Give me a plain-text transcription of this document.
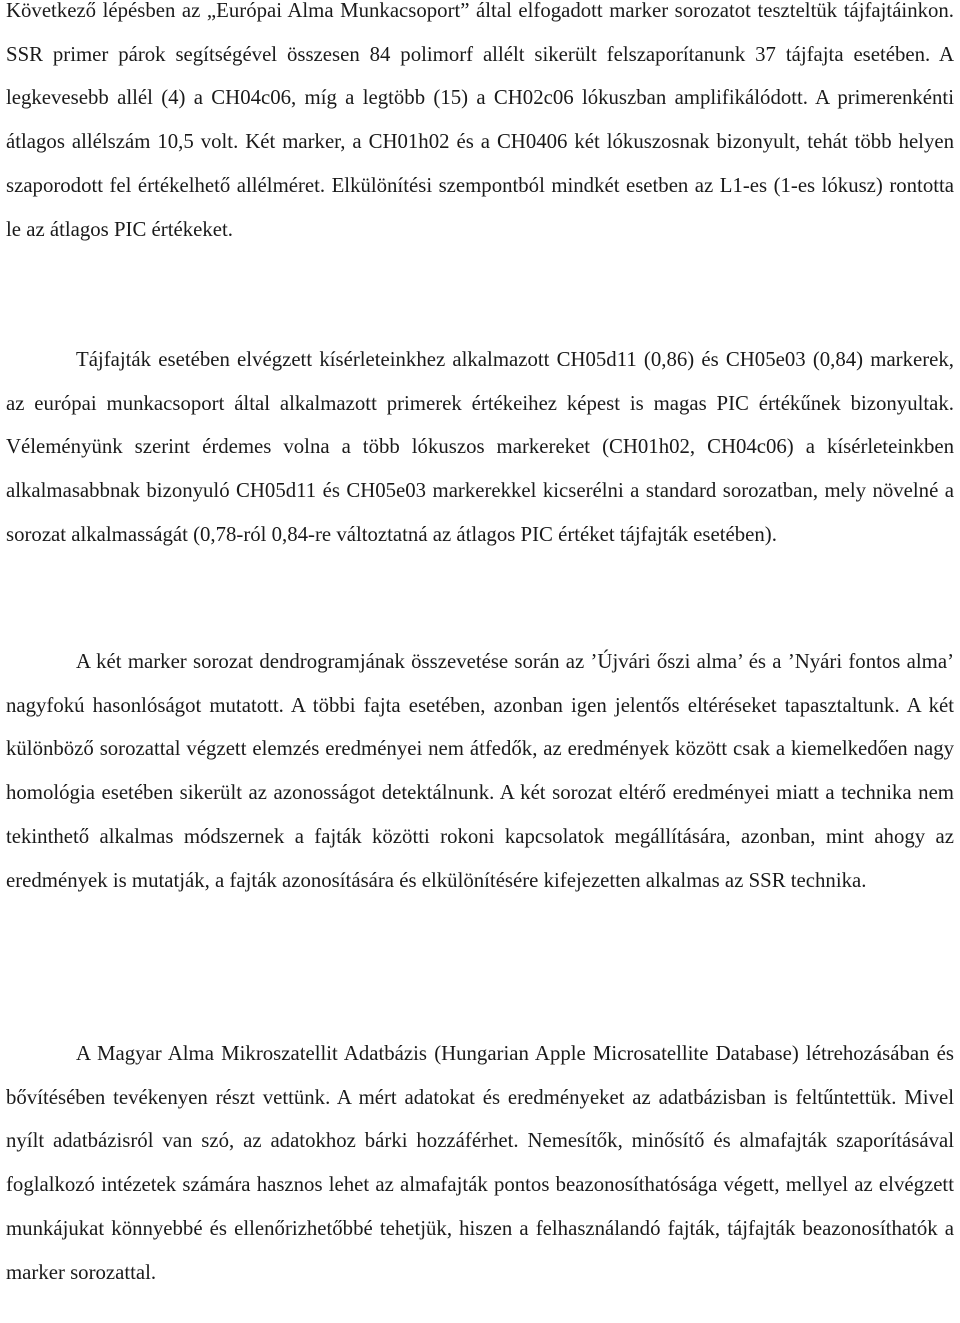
Következő lépésben az „Európai Alma Munkacsoport” által elfogadott marker sorozatot teszteltük tájfajtáinkon. SSR primer párok segítségével összesen 84 polimorf allélt sikerült felszaporítanunk 37 tájfajta esetében. A legkevesebb allél (4) a CH04c06, míg a legtöbb (15) a CH02c06 lókuszban amplifikálódott. A primerenkénti átlagos allélszám 10,5 volt. Két marker, a CH01h02 és a CH0406 két lókuszosnak bizonyult, tehát több helyen szaporodott fel értékelhető allélméret. Elkülönítési szempontból mindkét esetben az L1-es (1-es lókusz) rontotta le az átlagos PIC értékeket.

Tájfajták esetében elvégzett kísérleteinkhez alkalmazott CH05d11 (0,86) és CH05e03 (0,84) markerek, az európai munkacsoport által alkalmazott primerek értékeihez képest is magas PIC értékűnek bizonyultak. Véleményünk szerint érdemes volna a több lókuszos markereket (CH01h02, CH04c06) a kísérleteinkben alkalmasabbnak bizonyuló CH05d11 és CH05e03 markerekkel kicserélni a standard sorozatban, mely növelné a sorozat alkalmasságát (0,78-ról 0,84-re változtatná az átlagos PIC értéket tájfajták esetében).

A két marker sorozat dendrogramjának összevetése során az ’Újvári őszi alma’ és a ’Nyári fontos alma’ nagyfokú hasonlóságot mutatott. A többi fajta esetében, azonban igen jelentős eltéréseket tapasztaltunk. A két különböző sorozattal végzett elemzés eredményei nem átfedők, az eredmények között csak a kiemelkedően nagy homológia esetében sikerült az azonosságot detektálnunk. A két sorozat eltérő eredményei miatt a technika nem tekinthető alkalmas módszernek a fajták közötti rokoni kapcsolatok megállítására, azonban, mint ahogy az eredmények is mutatják, a fajták azonosítására és elkülönítésére kifejezetten alkalmas az SSR technika.

A Magyar Alma Mikroszatellit Adatbázis (Hungarian Apple Microsatellite Database) létrehozásában és bővítésében tevékenyen részt vettünk. A mért adatokat és eredményeket az adatbázisban is feltűntettük. Mivel nyílt adatbázisról van szó, az adatokhoz bárki hozzáférhet. Nemesítők, minősítő és almafajták szaporításával foglalkozó intézetek számára hasznos lehet az almafajták pontos beazonosíthatósága végett, mellyel az elvégzett munkájukat könnyebbé és ellenőrizhetőbbé tehetjük, hiszen a felhasználandó fajták, tájfajták beazonosíthatók a marker sorozattal.
